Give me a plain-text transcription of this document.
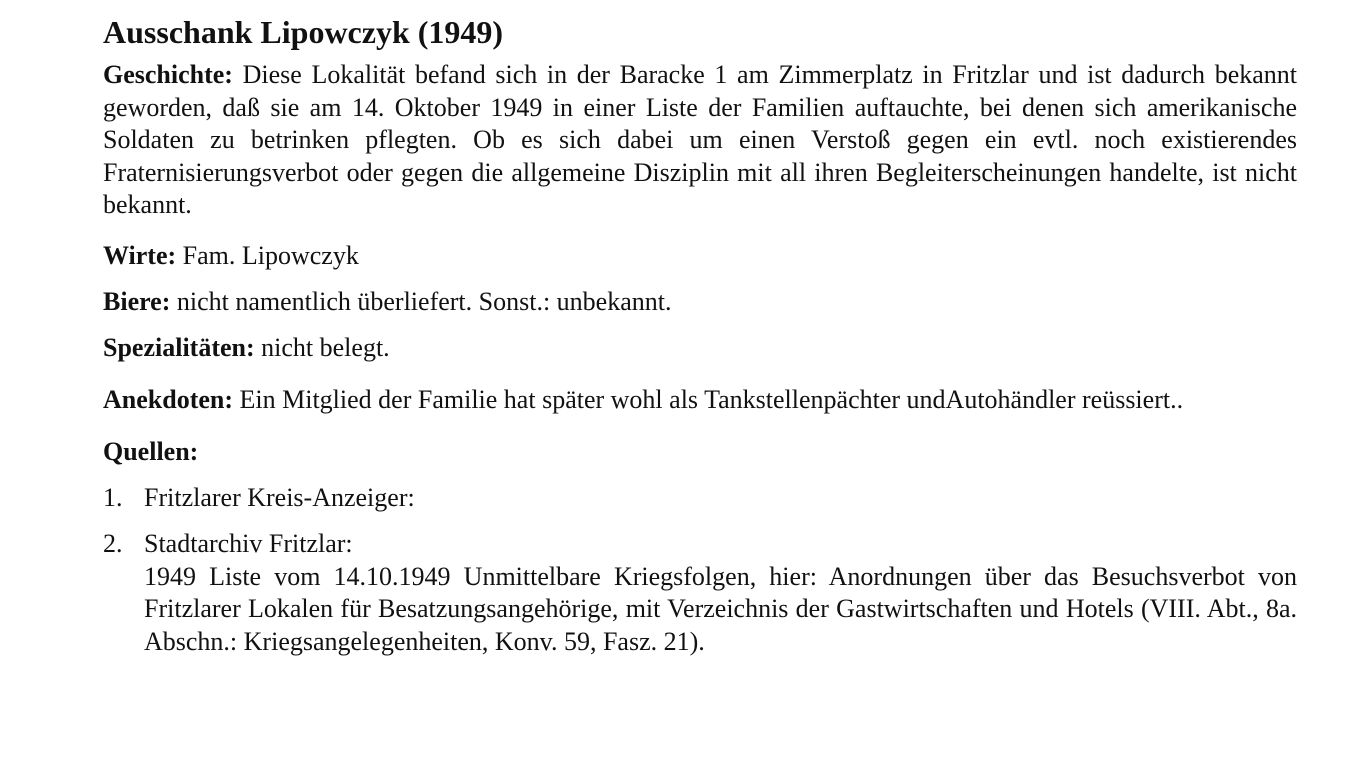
Ausschank Lipowczyk (1949)

Geschichte: Diese Lokalität befand sich in der Baracke 1 am Zimmerplatz in Fritzlar und ist dadurch bekannt geworden, daß sie am 14. Oktober 1949 in einer Liste der Familien auftauchte, bei denen sich amerikanische Soldaten zu betrinken pflegten. Ob es sich dabei um einen Verstoß gegen ein evtl. noch existierendes Fraternisierungsverbot oder gegen die allgemeine Disziplin mit all ihren Begleiterscheinungen handelte, ist nicht bekannt.

Wirte: Fam. Lipowczyk

Biere: nicht namentlich überliefert. Sonst.: unbekannt.

Spezialitäten: nicht belegt.

Anekdoten: Ein Mitglied der Familie hat später wohl als Tankstellenpächter undAutohändler reüssiert..

Quellen:

1. Fritzlarer Kreis-Anzeiger:
2. Stadtarchiv Fritzlar:
1949 Liste vom 14.10.1949 Unmittelbare Kriegsfolgen, hier: Anordnungen über das Besuchsverbot von Fritzlarer Lokalen für Besatzungsangehörige, mit Verzeichnis der Gastwirtschaften und Hotels (VIII. Abt., 8a. Abschn.: Kriegsangelegenheiten, Konv. 59, Fasz. 21).
